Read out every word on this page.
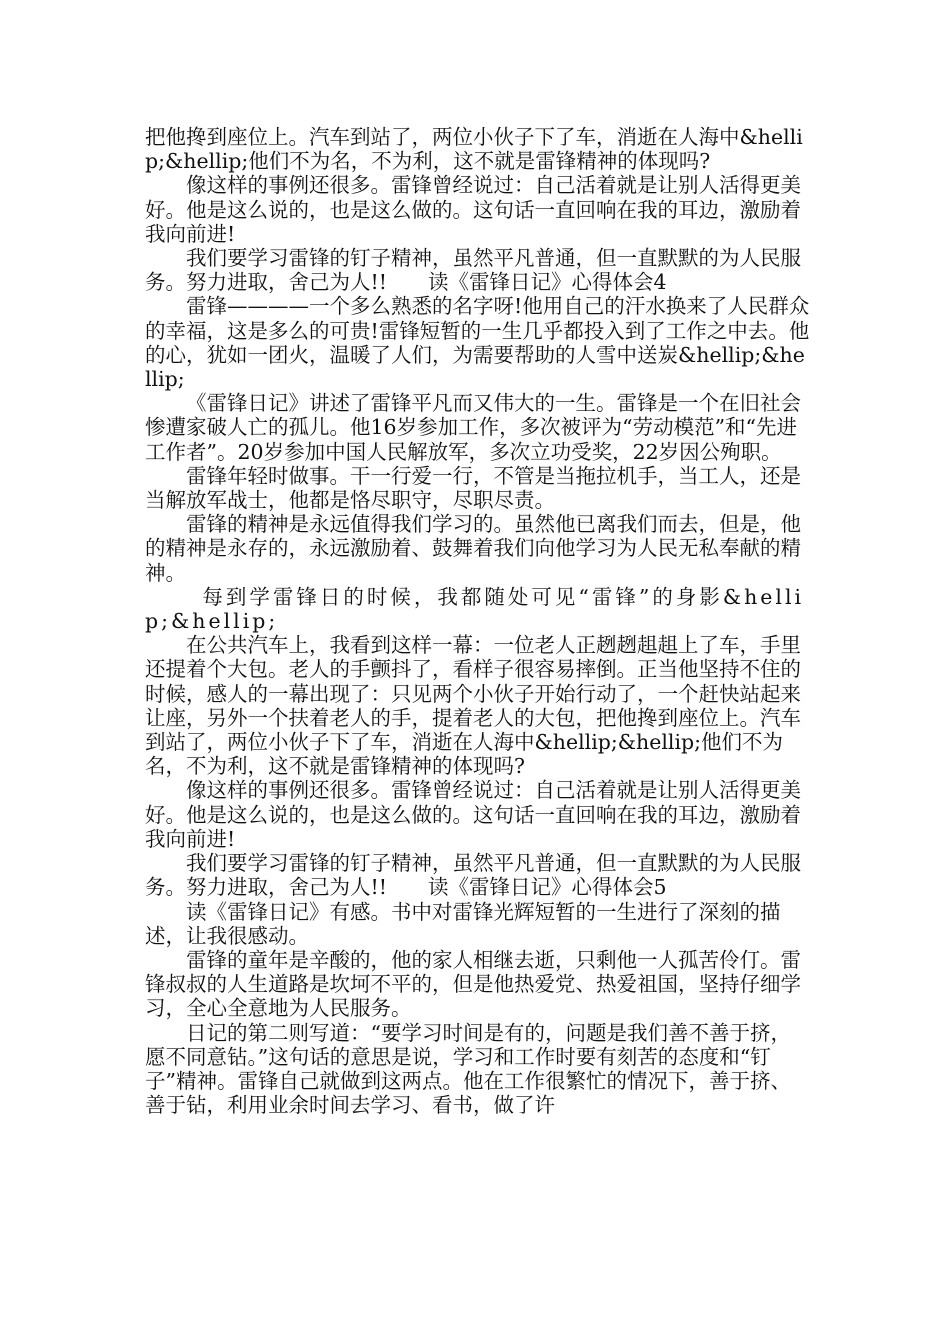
把他搀到座位上。汽车到站了，两位小伙子下了车，消逝在人海中&hellip;&hellip;他们不为名，不为利，这不就是雷锋精神的体现吗?

像这样的事例还很多。雷锋曾经说过：自己活着就是让别人活得更美好。他是这么说的，也是这么做的。这句话一直回响在我的耳边，激励着我向前进!

我们要学习雷锋的钉子精神，虽然平凡普通，但一直默默的为人民服务。努力进取，舍己为人!!　　读《雷锋日记》心得体会4

雷锋————一个多么熟悉的名字呀!他用自己的汗水换来了人民群众的幸福，这是多么的可贵!雷锋短暂的一生几乎都投入到了工作之中去。他的心，犹如一团火，温暖了人们，为需要帮助的人雪中送炭&hellip;&hellip;

《雷锋日记》讲述了雷锋平凡而又伟大的一生。雷锋是一个在旧社会惨遭家破人亡的孤儿。他16岁参加工作，多次被评为“劳动模范”和“先进工作者”。20岁参加中国人民解放军，多次立功受奖，22岁因公殉职。

雷锋年轻时做事。干一行爱一行，不管是当拖拉机手，当工人，还是当解放军战士，他都是恪尽职守，尽职尽责。

雷锋的精神是永远值得我们学习的。虽然他已离我们而去，但是，他的精神是永存的，永远激励着、鼓舞着我们向他学习为人民无私奉献的精神。

每到学雷锋日的时候，我都随处可见“雷锋”的身影&hellip;&hellip;

在公共汽车上，我看到这样一幕：一位老人正趔趔趄趄上了车，手里还提着个大包。老人的手颤抖了，看样子很容易摔倒。正当他坚持不住的时候，感人的一幕出现了：只见两个小伙子开始行动了，一个赶快站起来让座，另外一个扶着老人的手，提着老人的大包，把他搀到座位上。汽车到站了，两位小伙子下了车，消逝在人海中&hellip;&hellip;他们不为名，不为利，这不就是雷锋精神的体现吗?

像这样的事例还很多。雷锋曾经说过：自己活着就是让别人活得更美好。他是这么说的，也是这么做的。这句话一直回响在我的耳边，激励着我向前进!

我们要学习雷锋的钉子精神，虽然平凡普通，但一直默默的为人民服务。努力进取，舍己为人!!　　读《雷锋日记》心得体会5

读《雷锋日记》有感。书中对雷锋光辉短暂的一生进行了深刻的描述，让我很感动。

雷锋的童年是辛酸的，他的家人相继去逝，只剩他一人孤苦伶仃。雷锋叔叔的人生道路是坎坷不平的，但是他热爱党、热爱祖国，坚持仔细学习，全心全意地为人民服务。

日记的第二则写道：“要学习时间是有的，问题是我们善不善于挤，愿不同意钻。”这句话的意思是说，学习和工作时要有刻苦的态度和“钉子”精神。雷锋自己就做到这两点。他在工作很繁忙的情况下，善于挤、善于钻，利用业余时间去学习、看书，做了许
